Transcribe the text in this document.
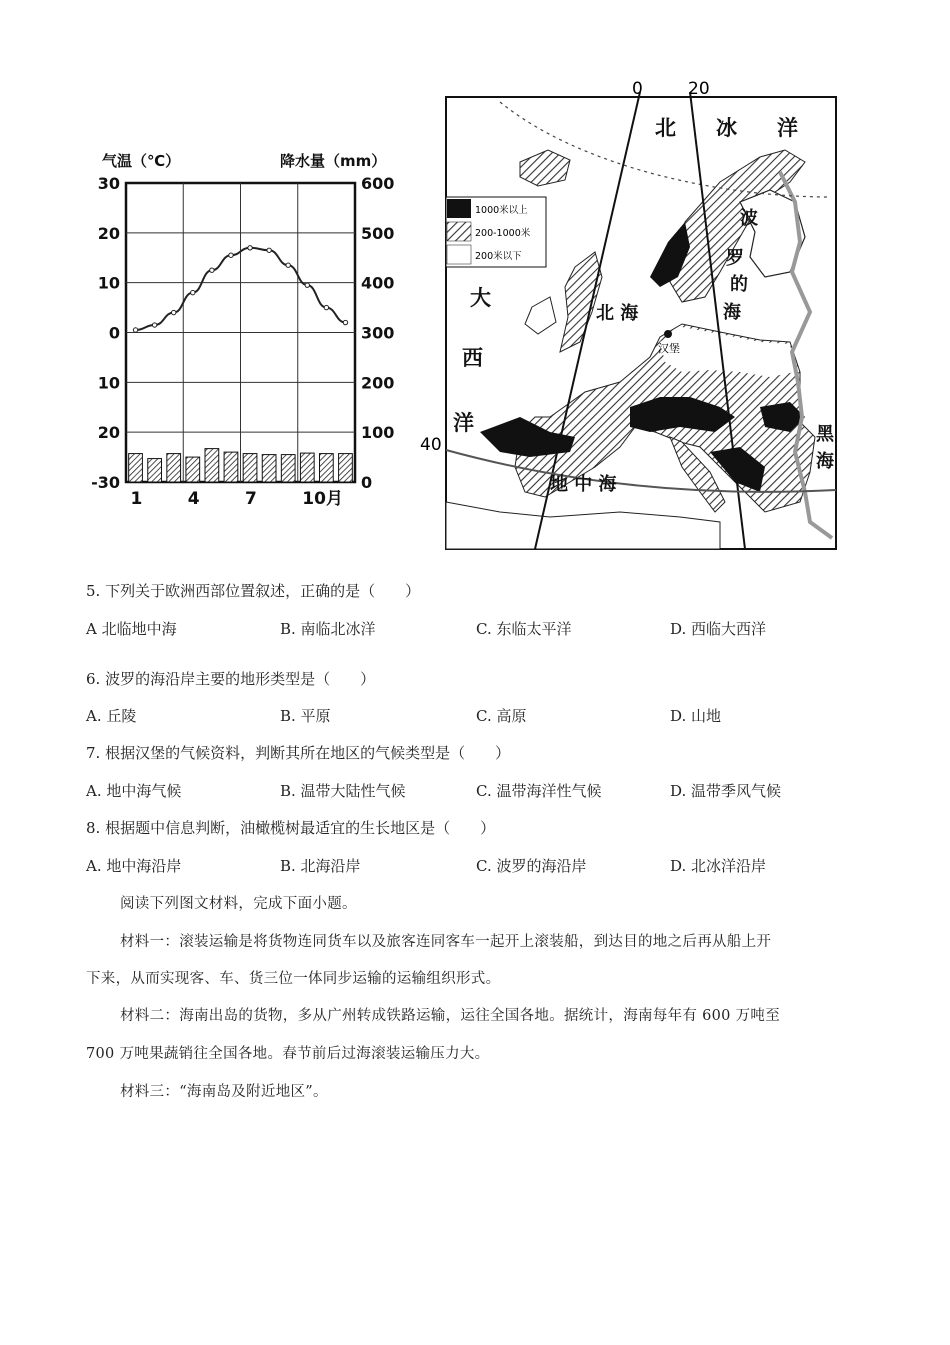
气温（℃）	降水量（mm）
30
20
10
0
10
20
-30
600
500
400
300
200
100
0
1	4	7	10月
1000米以上
200-1000米
200米以下
0	20
40
北 冰 洋
大
西
洋
北 海
波
罗
的
海
汉堡
地 中 海
黑
海
5. 下列关于欧洲西部位置叙述，正确的是（　　）
A 北临地中海	B. 南临北冰洋	C. 东临太平洋	D. 西临大西洋
6. 波罗的海沿岸主要的地形类型是（　　）
A. 丘陵	B. 平原	C. 高原	D. 山地
7. 根据汉堡的气候资料，判断其所在地区的气候类型是（　　）
A. 地中海气候	B. 温带大陆性气候	C. 温带海洋性气候	D. 温带季风气候
8. 根据题中信息判断，油橄榄树最适宜的生长地区是（　　）
A. 地中海沿岸	B. 北海沿岸	C. 波罗的海沿岸	D. 北冰洋沿岸
阅读下列图文材料，完成下面小题。
材料一：滚装运输是将货物连同货车以及旅客连同客车一起开上滚装船，到达目的地之后再从船上开
下来，从而实现客、车、货三位一体同步运输的运输组织形式。
材料二：海南出岛的货物，多从广州转成铁路运输，运往全国各地。据统计，海南每年有 600 万吨至
700 万吨果蔬销往全国各地。春节前后过海滚装运输压力大。
材料三：“海南岛及附近地区”。
